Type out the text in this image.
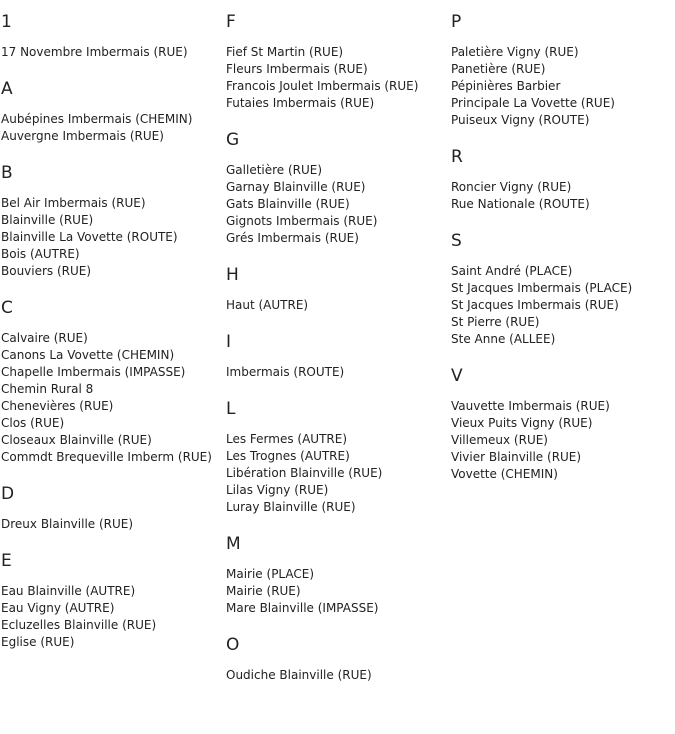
1
17 Novembre Imbermais (RUE)
A
Aubépines Imbermais (CHEMIN)
Auvergne Imbermais (RUE)
B
Bel Air Imbermais (RUE)
Blainville (RUE)
Blainville La Vovette (ROUTE)
Bois (AUTRE)
Bouviers (RUE)
C
Calvaire (RUE)
Canons La Vovette (CHEMIN)
Chapelle Imbermais (IMPASSE)
Chemin Rural 8
Chenevières (RUE)
Clos (RUE)
Closeaux Blainville (RUE)
Commdt Brequeville Imberm (RUE)
D
Dreux Blainville (RUE)
E
Eau Blainville (AUTRE)
Eau Vigny (AUTRE)
Ecluzelles Blainville (RUE)
Eglise (RUE)
F
Fief St Martin (RUE)
Fleurs Imbermais (RUE)
Francois Joulet Imbermais (RUE)
Futaies Imbermais (RUE)
G
Galletière (RUE)
Garnay Blainville (RUE)
Gats Blainville (RUE)
Gignots Imbermais (RUE)
Grés Imbermais (RUE)
H
Haut (AUTRE)
I
Imbermais (ROUTE)
L
Les Fermes (AUTRE)
Les Trognes (AUTRE)
Libération Blainville (RUE)
Lilas Vigny (RUE)
Luray Blainville (RUE)
M
Mairie (PLACE)
Mairie (RUE)
Mare Blainville (IMPASSE)
O
Oudiche Blainville (RUE)
P
Paletière Vigny (RUE)
Panetière (RUE)
Pépinières Barbier
Principale La Vovette (RUE)
Puiseux Vigny (ROUTE)
R
Roncier Vigny (RUE)
Rue Nationale (ROUTE)
S
Saint André (PLACE)
St Jacques Imbermais (PLACE)
St Jacques Imbermais (RUE)
St Pierre (RUE)
Ste Anne (ALLEE)
V
Vauvette Imbermais (RUE)
Vieux Puits Vigny (RUE)
Villemeux (RUE)
Vivier Blainville (RUE)
Vovette (CHEMIN)
